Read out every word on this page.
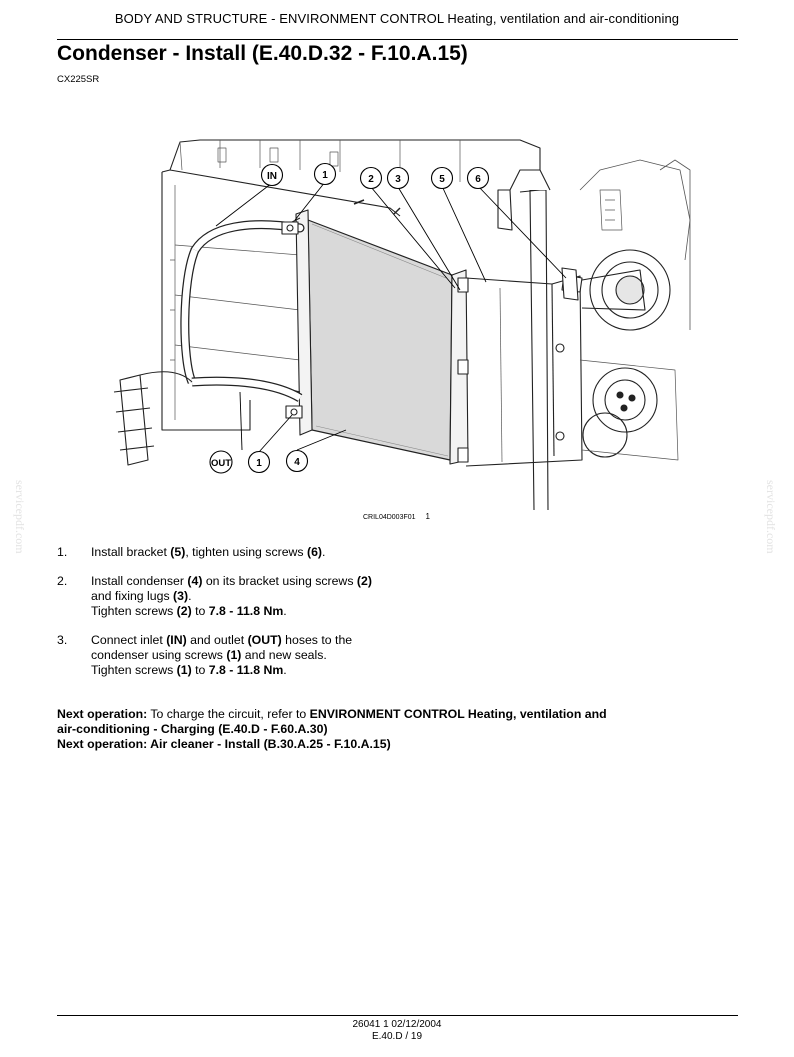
BODY AND STRUCTURE - ENVIRONMENT CONTROL Heating, ventilation and air-conditioning
Condenser - Install (E.40.D.32 - F.10.A.15)
CX225SR
IN	1	2 3	5	6
OUT	1	4
CRIL04D003F01 1
1. Install bracket (5), tighten using screws (6).

2. Install condenser (4) on its bracket using screws (2)

and fixing lugs (3).

Tighten screws (2) to 7.8 - 11.8 Nm.

3. Connect inlet (IN) and outlet (OUT) hoses to the

condenser using screws (1) and new seals.

Tighten screws (1) to 7.8 - 11.8 Nm.

Next operation: To charge the circuit, refer to ENVIRONMENT CONTROL Heating, ventilation and

air-conditioning - Charging (E.40.D - F.60.A.30)

Next operation: Air cleaner - Install (B.30.A.25 - F.10.A.15)

servicepdf.com	servicepdf.com
26041 1 02/12/2004
E.40.D / 19
